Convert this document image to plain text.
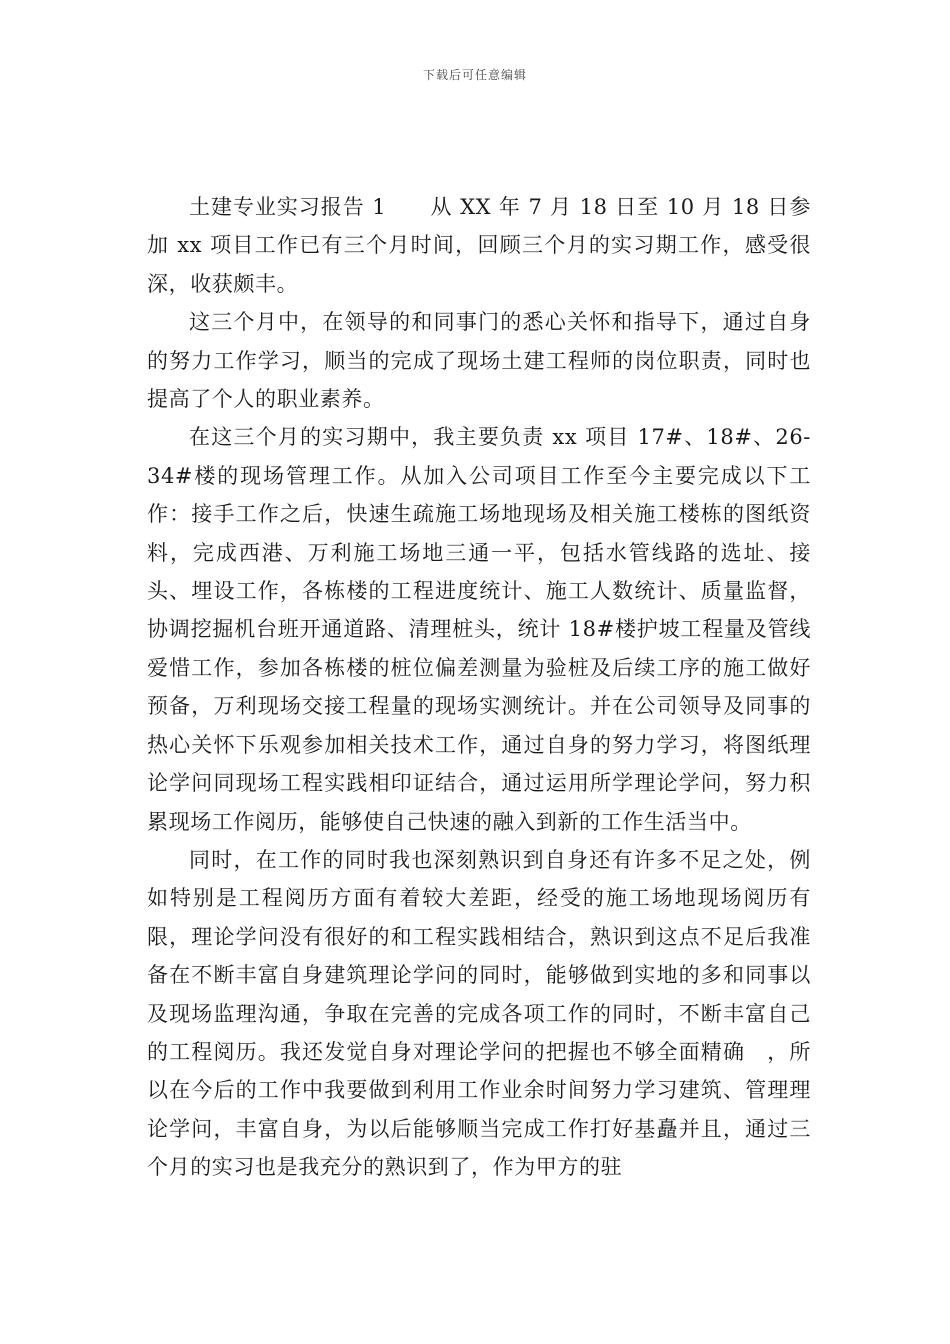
下载后可任意编辑

土建专业实习报告 1　　从 XX 年 7 月 18 日至 10 月 18 日参加 xx 项目工作已有三个月时间，回顾三个月的实习期工作，感受很深，收获颇丰。

这三个月中，在领导的和同事门的悉心关怀和指导下，通过自身的努力工作学习，顺当的完成了现场土建工程师的岗位职责，同时也提高了个人的职业素养。

在这三个月的实习期中，我主要负责 xx 项目 17#、18#、26-34#楼的现场管理工作。从加入公司项目工作至今主要完成以下工作：接手工作之后，快速生疏施工场地现场及相关施工楼栋的图纸资料，完成西港、万利施工场地三通一平，包括水管线路的选址、接头、埋设工作，各栋楼的工程进度统计、施工人数统计、质量监督，协调挖掘机台班开通道路、清理桩头，统计 18#楼护坡工程量及管线爱惜工作，参加各栋楼的桩位偏差测量为验桩及后续工序的施工做好预备，万利现场交接工程量的现场实测统计。并在公司领导及同事的热心关怀下乐观参加相关技术工作，通过自身的努力学习，将图纸理论学问同现场工程实践相印证结合，通过运用所学理论学问，努力积累现场工作阅历，能够使自己快速的融入到新的工作生活当中。

同时，在工作的同时我也深刻熟识到自身还有许多不足之处，例如特别是工程阅历方面有着较大差距，经受的施工场地现场阅历有限，理论学问没有很好的和工程实践相结合，熟识到这点不足后我准备在不断丰富自身建筑理论学问的同时，能够做到实地的多和同事以及现场监理沟通，争取在完善的完成各项工作的同时，不断丰富自己的工程阅历。我还发觉自身对理论学问的把握也不够全面精确　，所以在今后的工作中我要做到利用工作业余时间努力学习建筑、管理理论学问，丰富自身，为以后能够顺当完成工作打好基矗并且，通过三个月的实习也是我充分的熟识到了，作为甲方的驻
